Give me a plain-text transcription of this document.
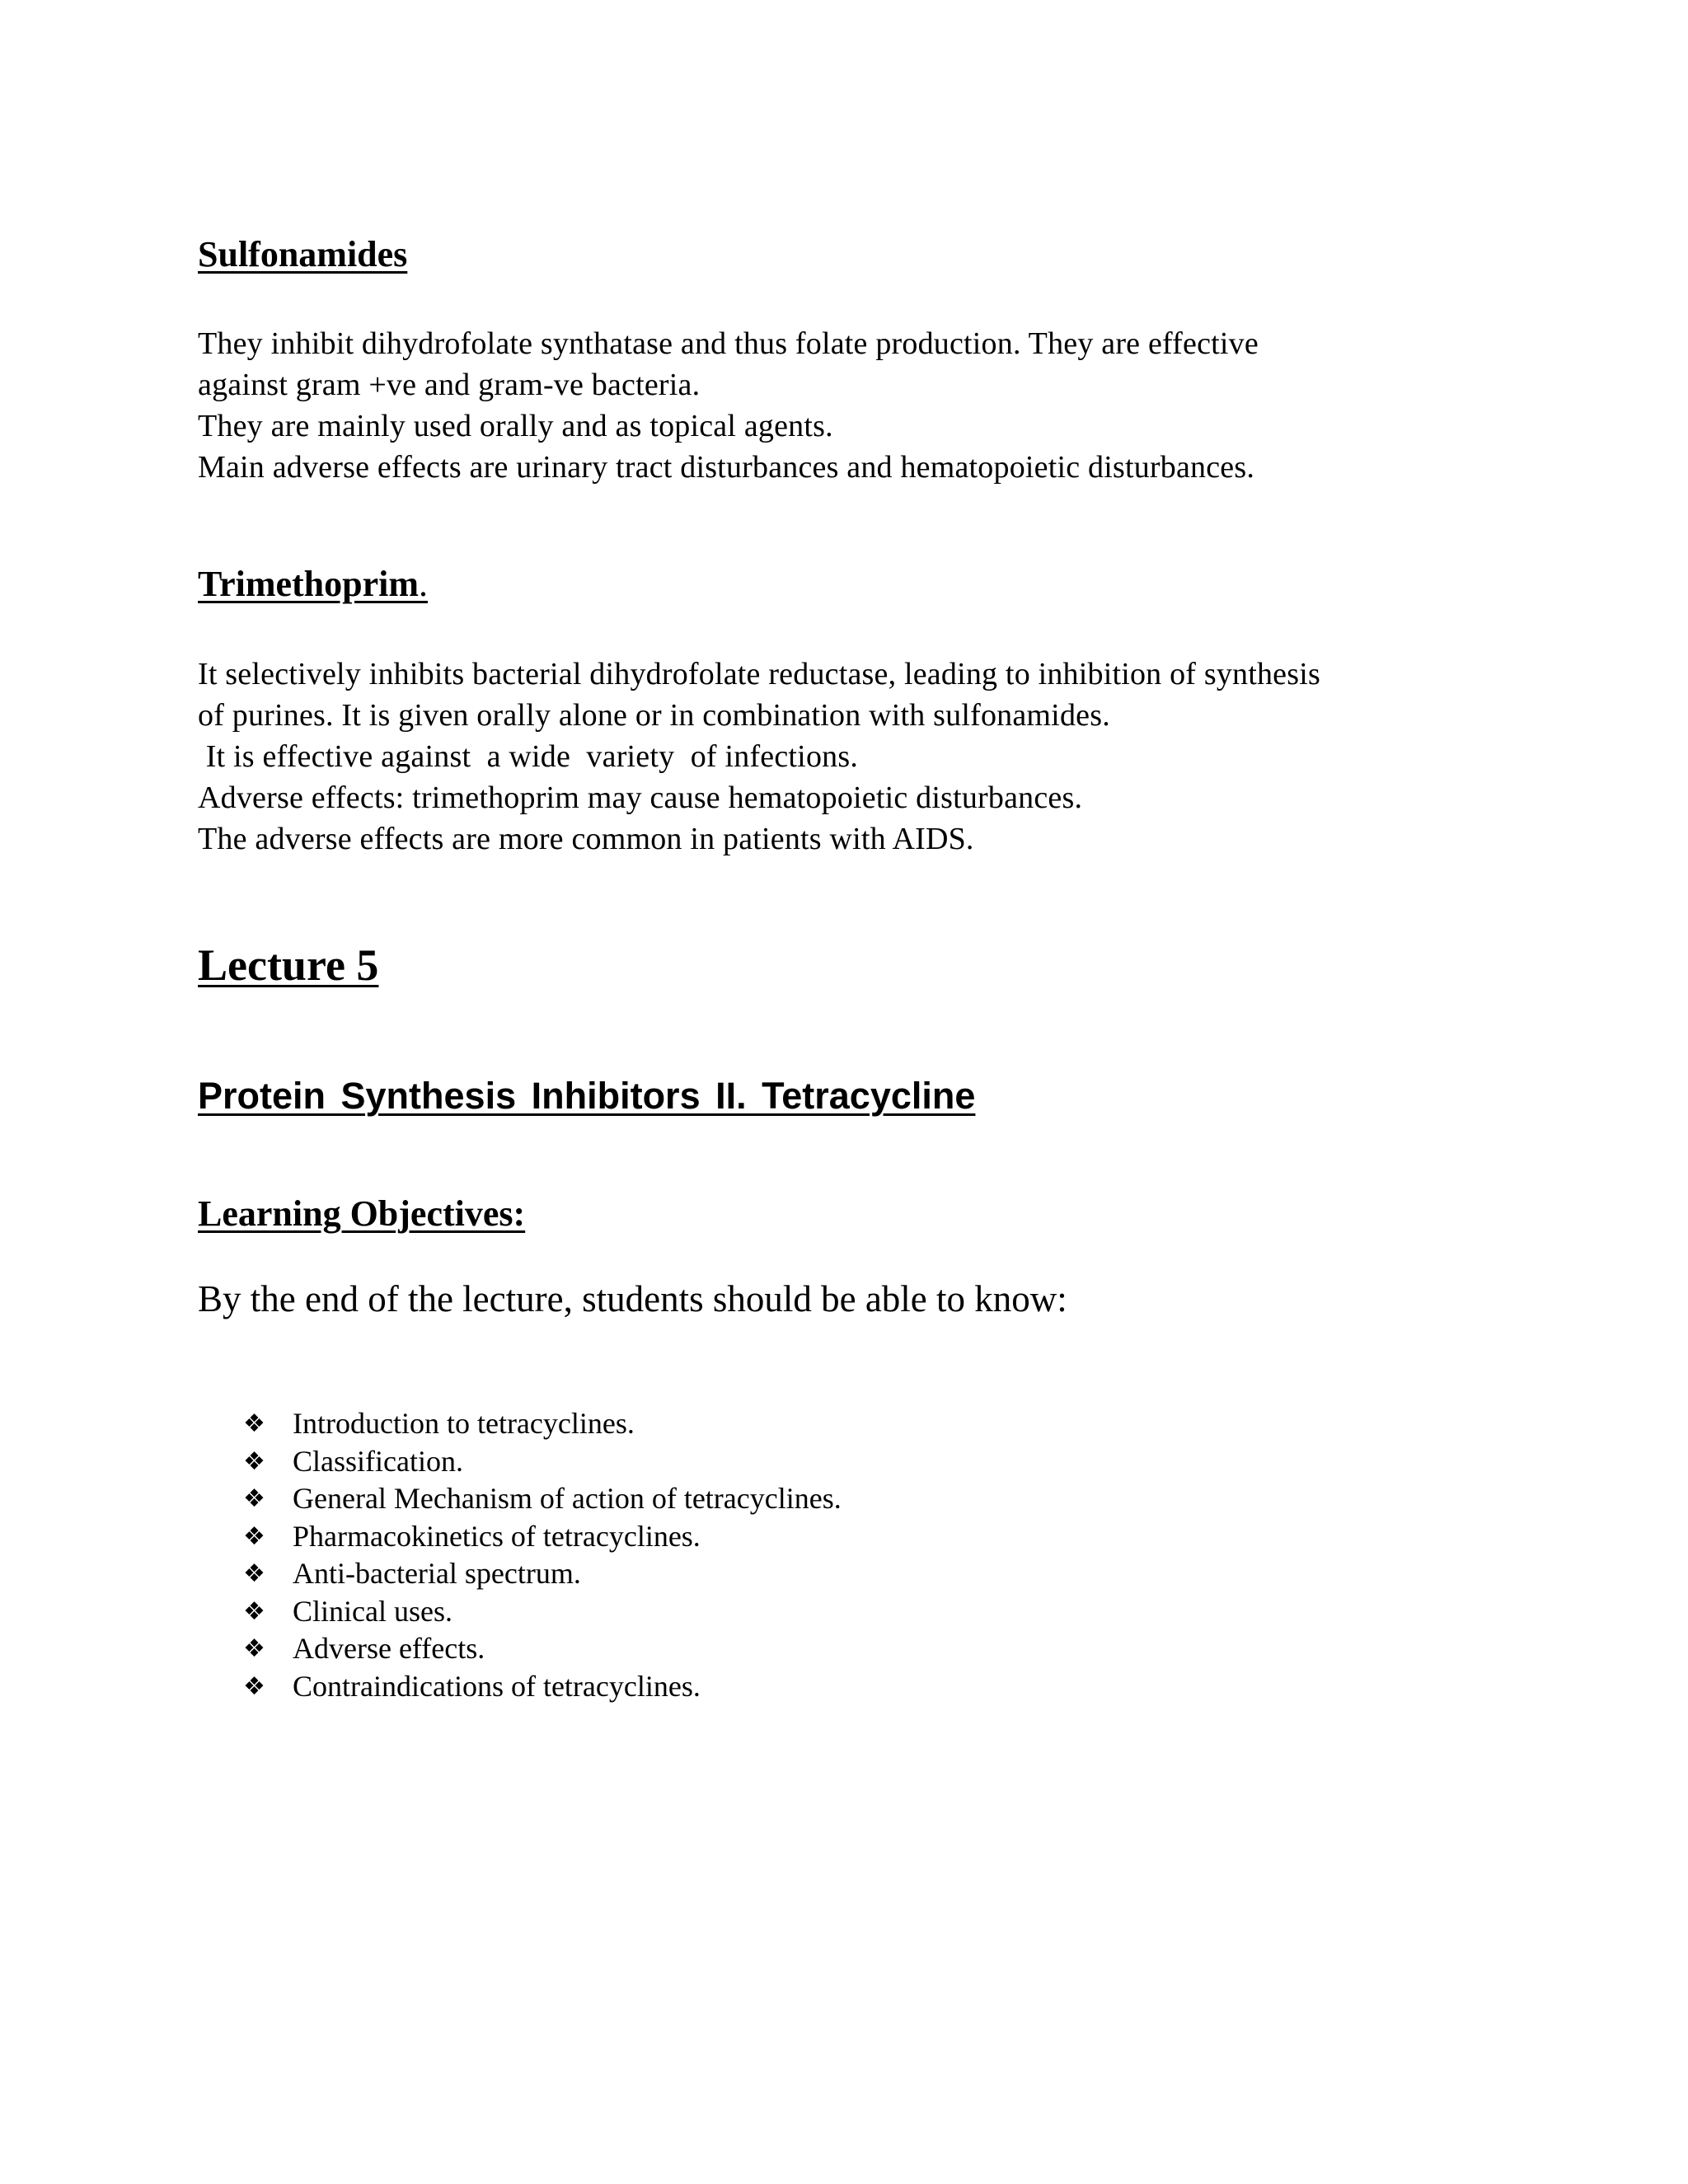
Sulfonamides
They inhibit dihydrofolate synthatase and thus folate production. They are effective
against gram +ve and gram-ve bacteria.
They are mainly used orally and as topical agents.
Main adverse effects are urinary tract disturbances and hematopoietic disturbances.
Trimethoprim.
It selectively inhibits bacterial dihydrofolate reductase, leading to inhibition of synthesis
of purines. It is given orally alone or in combination with sulfonamides.
It is effective against  a wide  variety  of infections.
Adverse effects: trimethoprim may cause hematopoietic disturbances.
The adverse effects are more common in patients with AIDS.
Lecture 5
Protein Synthesis Inhibitors II. Tetracycline
Learning Objectives:
By the end of the lecture, students should be able to know:
❖ Introduction to tetracyclines.
❖ Classification.
❖ General Mechanism of action of tetracyclines.
❖ Pharmacokinetics of tetracyclines.
❖ Anti-bacterial spectrum.
❖ Clinical uses.
❖ Adverse effects.
❖ Contraindications of tetracyclines.
